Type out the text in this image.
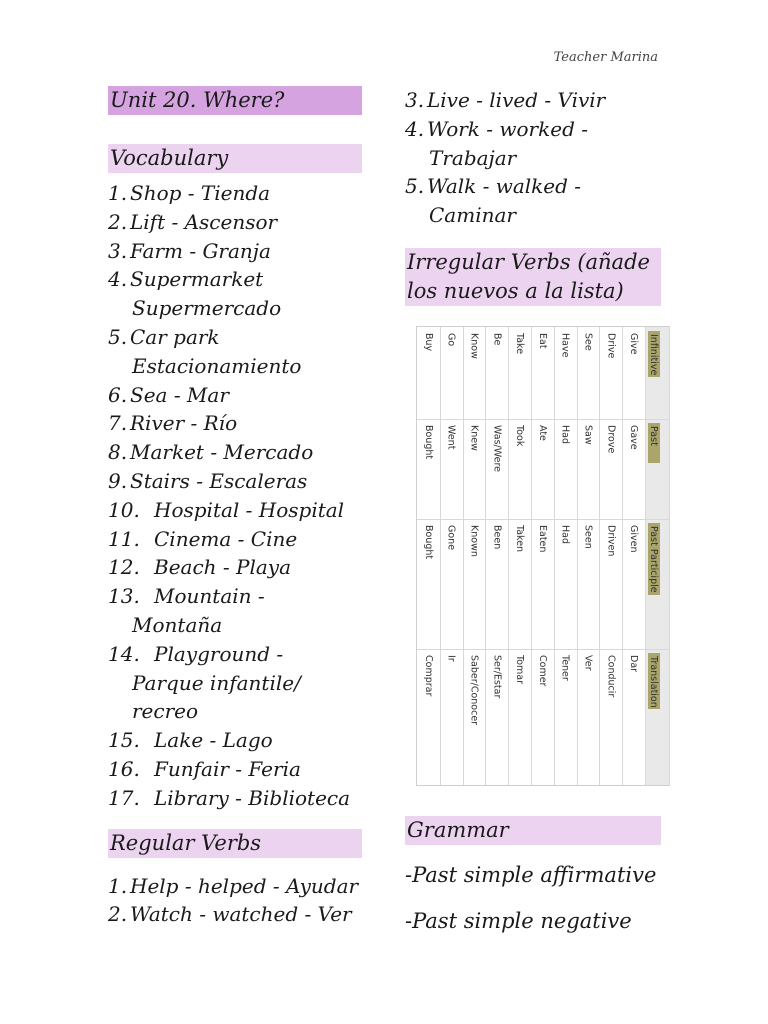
Teacher Marina
Unit 20. Where?
Vocabulary
1. Shop - Tienda
2. Lift - Ascensor
3. Farm - Granja
4. Supermarket
Supermercado
5. Car park
Estacionamiento
6. Sea - Mar
7. River - Río
8. Market - Mercado
9. Stairs - Escaleras
10. Hospital - Hospital
11. Cinema - Cine
12. Beach - Playa
13. Mountain -
Montaña
14. Playground -
Parque infantile/
recreo
15. Lake - Lago
16. Funfair - Feria
17. Library - Biblioteca
Regular Verbs
1. Help - helped - Ayudar
2. Watch - watched - Ver
3. Live - lived - Vivir
4. Work - worked -
Trabajar
5. Walk - walked -
Caminar
Irregular Verbs (añade
los nuevos a la lista)
Infinitive
Past
Past Participle
Translation
Give
Gave
Given
Dar
Drive
Drove
Driven
Conducir
See
Saw
Seen
Ver
Have
Had
Had
Tener
Eat
Ate
Eaten
Comer
Take
Took
Taken
Tomar
Be
Was/Were
Been
Ser/Estar
Know
Knew
Known
Saber/Conocer
Go
Went
Gone
Ir
Buy
Bought
Bought
Comprar
Grammar
-Past simple affirmative
-Past simple negative
